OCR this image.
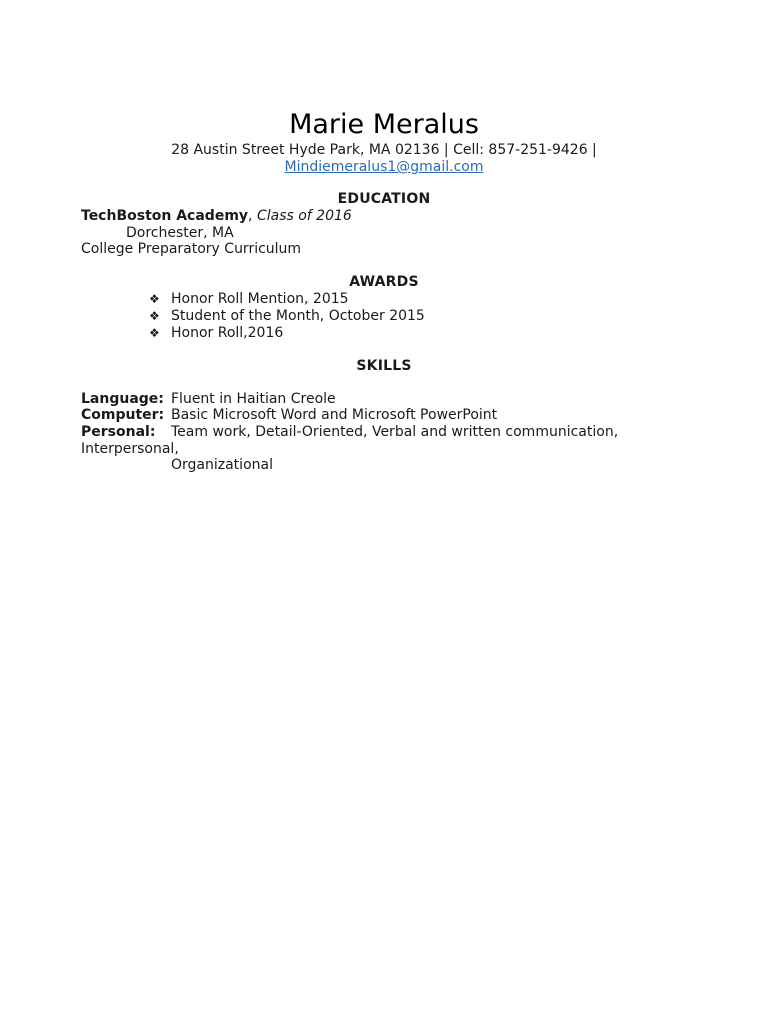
Marie Meralus
28 Austin Street Hyde Park, MA 02136 | Cell: 857-251-9426 |
Mindiemeralus1@gmail.com
EDUCATION
TechBoston Academy, Class of 2016
Dorchester, MA
College Preparatory Curriculum
AWARDS
❖ Honor Roll Mention, 2015
❖ Student of the Month, October 2015
❖ Honor Roll,2016
SKILLS
Language: Fluent in Haitian Creole
Computer: Basic Microsoft Word and Microsoft PowerPoint
Personal: Team work, Detail-Oriented, Verbal and written communication,
Interpersonal,
Organizational
